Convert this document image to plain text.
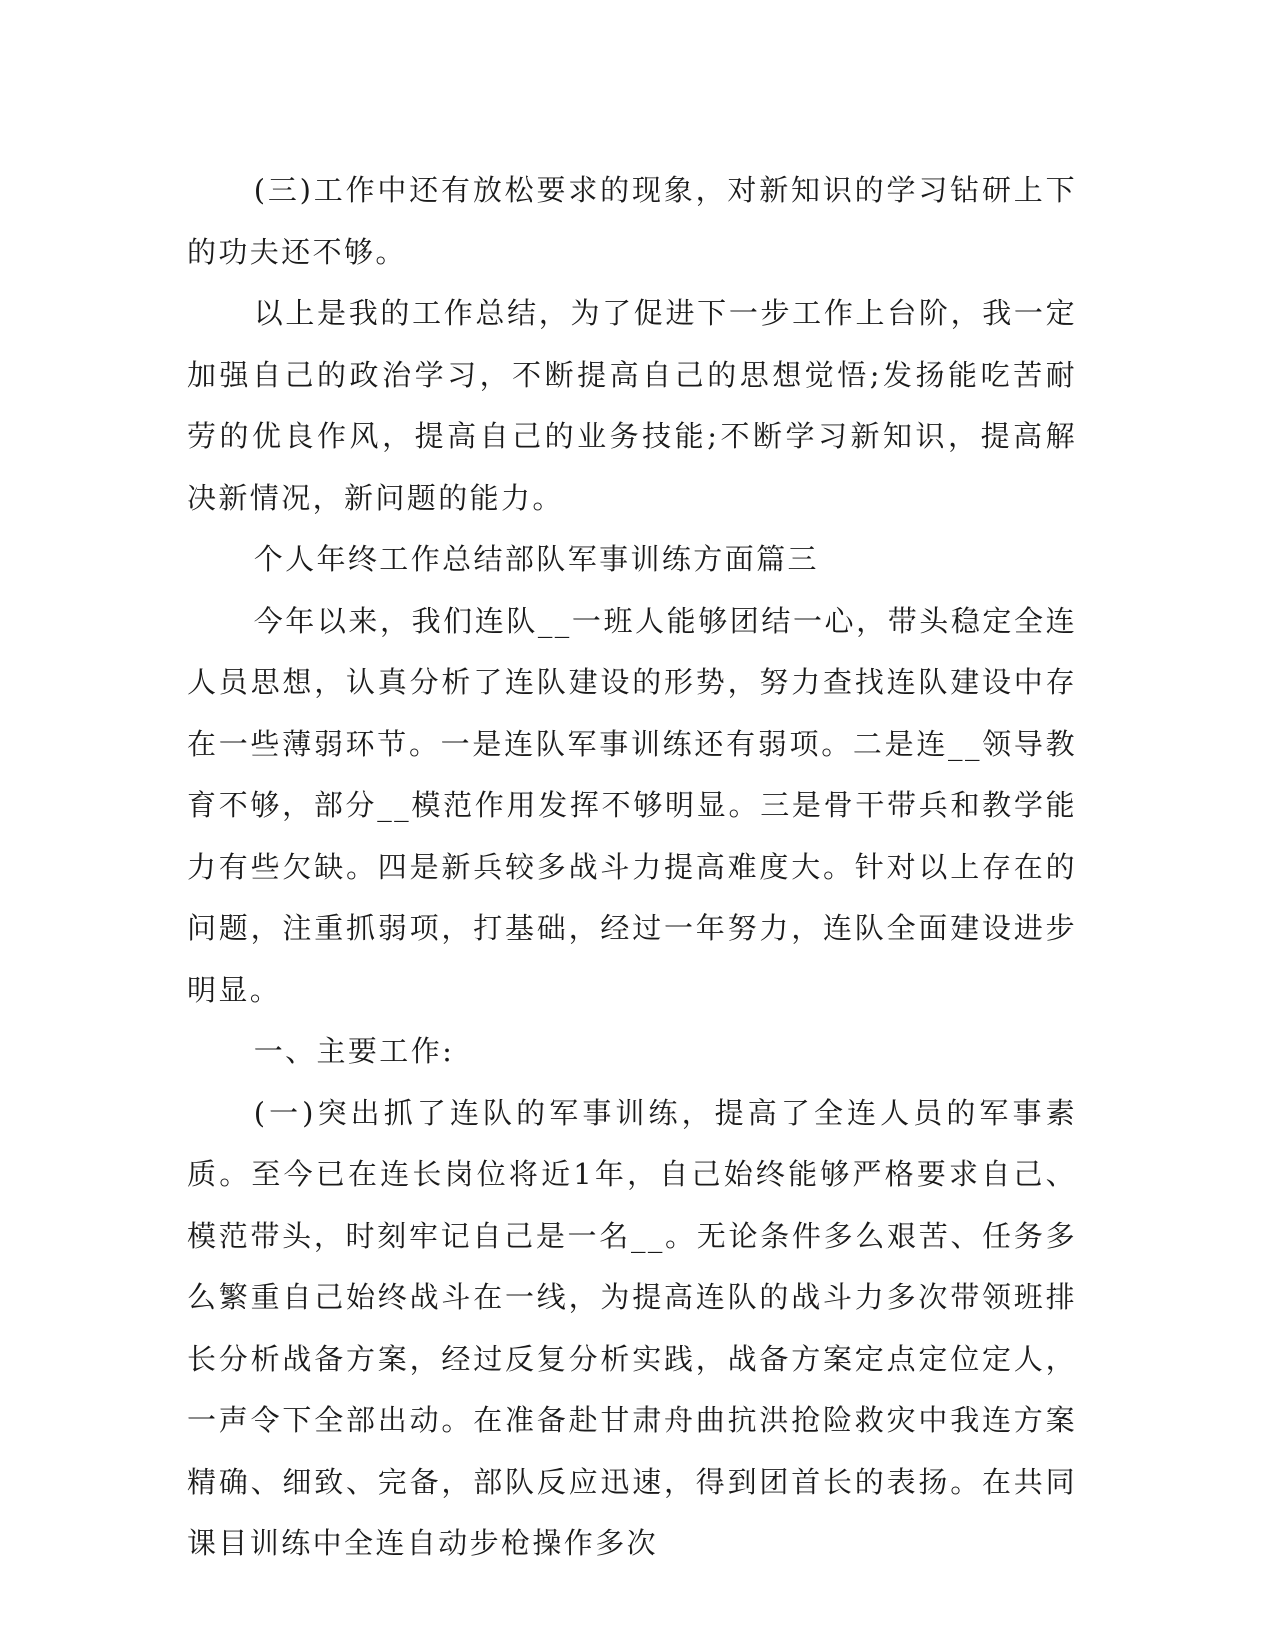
(三)工作中还有放松要求的现象，对新知识的学习钻研上下的功夫还不够。

以上是我的工作总结，为了促进下一步工作上台阶，我一定加强自己的政治学习，不断提高自己的思想觉悟;发扬能吃苦耐劳的优良作风，提高自己的业务技能;不断学习新知识，提高解决新情况，新问题的能力。

个人年终工作总结部队军事训练方面篇三

今年以来，我们连队__一班人能够团结一心，带头稳定全连人员思想，认真分析了连队建设的形势，努力查找连队建设中存在一些薄弱环节。一是连队军事训练还有弱项。二是连__领导教育不够，部分__模范作用发挥不够明显。三是骨干带兵和教学能力有些欠缺。四是新兵较多战斗力提高难度大。针对以上存在的问题，注重抓弱项，打基础，经过一年努力，连队全面建设进步明显。

一、主要工作:

(一)突出抓了连队的军事训练，提高了全连人员的军事素质。至今已在连长岗位将近1年，自己始终能够严格要求自己、模范带头，时刻牢记自己是一名__。无论条件多么艰苦、任务多么繁重自己始终战斗在一线，为提高连队的战斗力多次带领班排长分析战备方案，经过反复分析实践，战备方案定点定位定人，一声令下全部出动。在准备赴甘肃舟曲抗洪抢险救灾中我连方案精确、细致、完备，部队反应迅速，得到团首长的表扬。在共同课目训练中全连自动步枪操作多次
